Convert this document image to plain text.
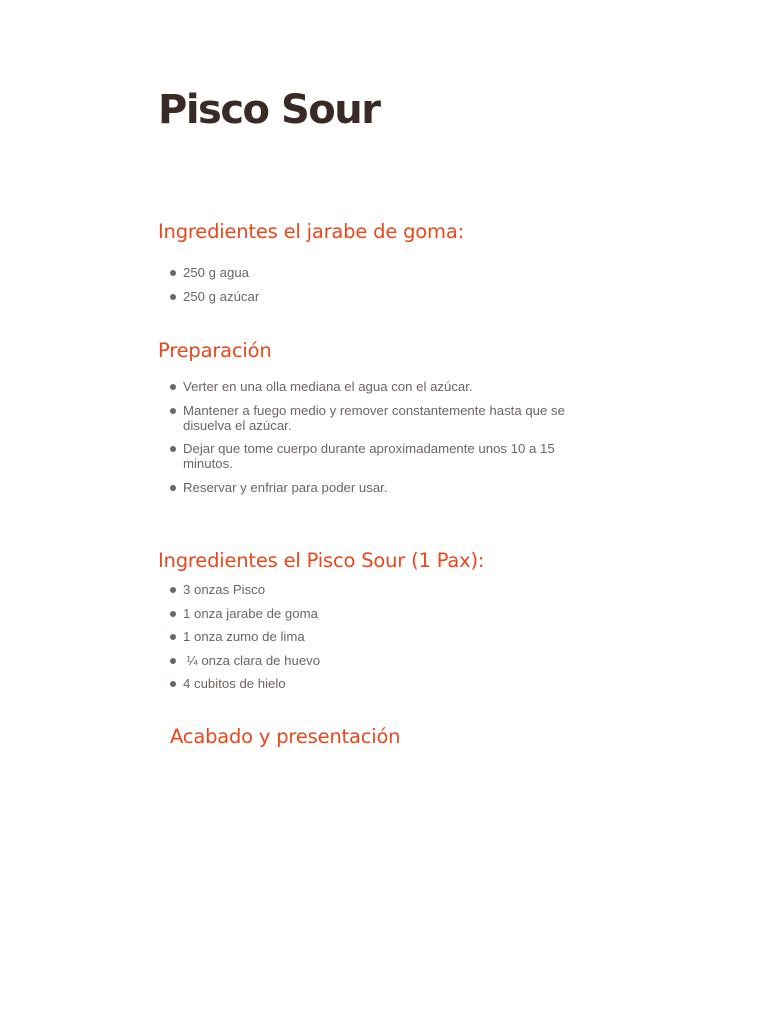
Pisco Sour
Ingredientes el jarabe de goma:
250 g agua
250 g azúcar
Preparación
Verter en una olla mediana el agua con el azúcar.
Mantener a fuego medio y remover constantemente hasta que se disuelva el azúcar.
Dejar que tome cuerpo durante aproximadamente unos 10 a 15 minutos.
Reservar y enfriar para poder usar.
Ingredientes el Pisco Sour (1 Pax):
3 onzas Pisco
1 onza jarabe de goma
1 onza zumo de lima
¼ onza clara de huevo
4 cubitos de hielo
Acabado y presentación
